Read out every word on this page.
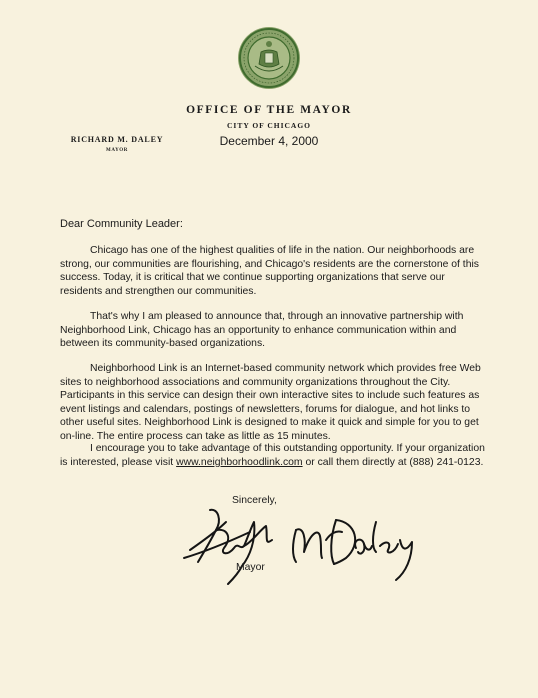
OFFICE OF THE MAYOR
CITY OF CHICAGO
December 4, 2000
RICHARD M. DALEY
MAYOR
Dear Community Leader:

Chicago has one of the highest qualities of life in the nation. Our neighborhoods are strong, our communities are flourishing, and Chicago's residents are the cornerstone of this success. Today, it is critical that we continue supporting organizations that serve our residents and strengthen our communities.

That's why I am pleased to announce that, through an innovative partnership with Neighborhood Link, Chicago has an opportunity to enhance communication within and between its community-based organizations.

Neighborhood Link is an Internet-based community network which provides free Web sites to neighborhood associations and community organizations throughout the City. Participants in this service can design their own interactive sites to include such features as event listings and calendars, postings of newsletters, forums for dialogue, and hot links to other useful sites. Neighborhood Link is designed to make it quick and simple for you to get on-line. The entire process can take as little as 15 minutes.

I encourage you to take advantage of this outstanding opportunity. If your organization is interested, please visit www.neighborhoodlink.com or call them directly at (888) 241-0123.

Sincerely,
Mayor
